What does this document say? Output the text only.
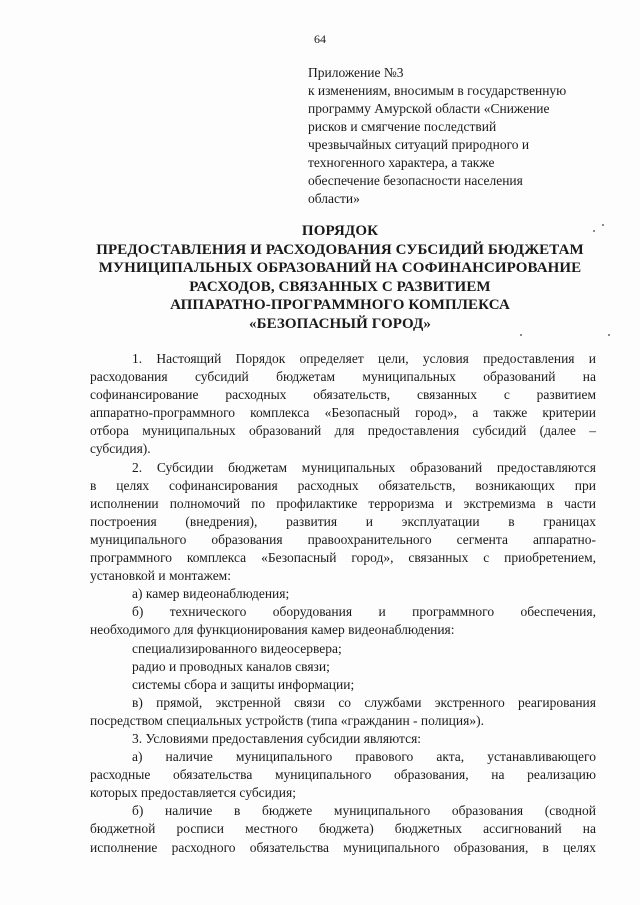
64
Приложение №3
к изменениям, вносимым в государственную
программу Амурской области «Снижение
рисков и смягчение последствий
чрезвычайных ситуаций природного и
техногенного характера, а также
обеспечение безопасности населения
области»
ПОРЯДОК
ПРЕДОСТАВЛЕНИЯ И РАСХОДОВАНИЯ СУБСИДИЙ БЮДЖЕТАМ
МУНИЦИПАЛЬНЫХ ОБРАЗОВАНИЙ НА СОФИНАНСИРОВАНИЕ
РАСХОДОВ, СВЯЗАННЫХ С РАЗВИТИЕМ
АППАРАТНО-ПРОГРАММНОГО КОМПЛЕКСА
«БЕЗОПАСНЫЙ ГОРОД»
1. Настоящий Порядок определяет цели, условия предоставления и
расходования субсидий бюджетам муниципальных образований на
софинансирование расходных обязательств, связанных с развитием
аппаратно-программного комплекса «Безопасный город», а также критерии
отбора муниципальных образований для предоставления субсидий (далее –
субсидия).
2. Субсидии бюджетам муниципальных образований предоставляются
в целях софинансирования расходных обязательств, возникающих при
исполнении полномочий по профилактике терроризма и экстремизма в части
построения (внедрения), развития и эксплуатации в границах
муниципального образования правоохранительного сегмента аппаратно-
программного комплекса «Безопасный город», связанных с приобретением,
установкой и монтажем:
а) камер видеонаблюдения;
б) технического оборудования и программного обеспечения,
необходимого для функционирования камер видеонаблюдения:
специализированного видеосервера;
радио и проводных каналов связи;
системы сбора и защиты информации;
в) прямой, экстренной связи со службами экстренного реагирования
посредством специальных устройств (типа «гражданин - полиция»).
3. Условиями предоставления субсидии являются:
а) наличие муниципального правового акта, устанавливающего
расходные обязательства муниципального образования, на реализацию
которых предоставляется субсидия;
б) наличие в бюджете муниципального образования (сводной
бюджетной росписи местного бюджета) бюджетных ассигнований на
исполнение расходного обязательства муниципального образования, в целях
